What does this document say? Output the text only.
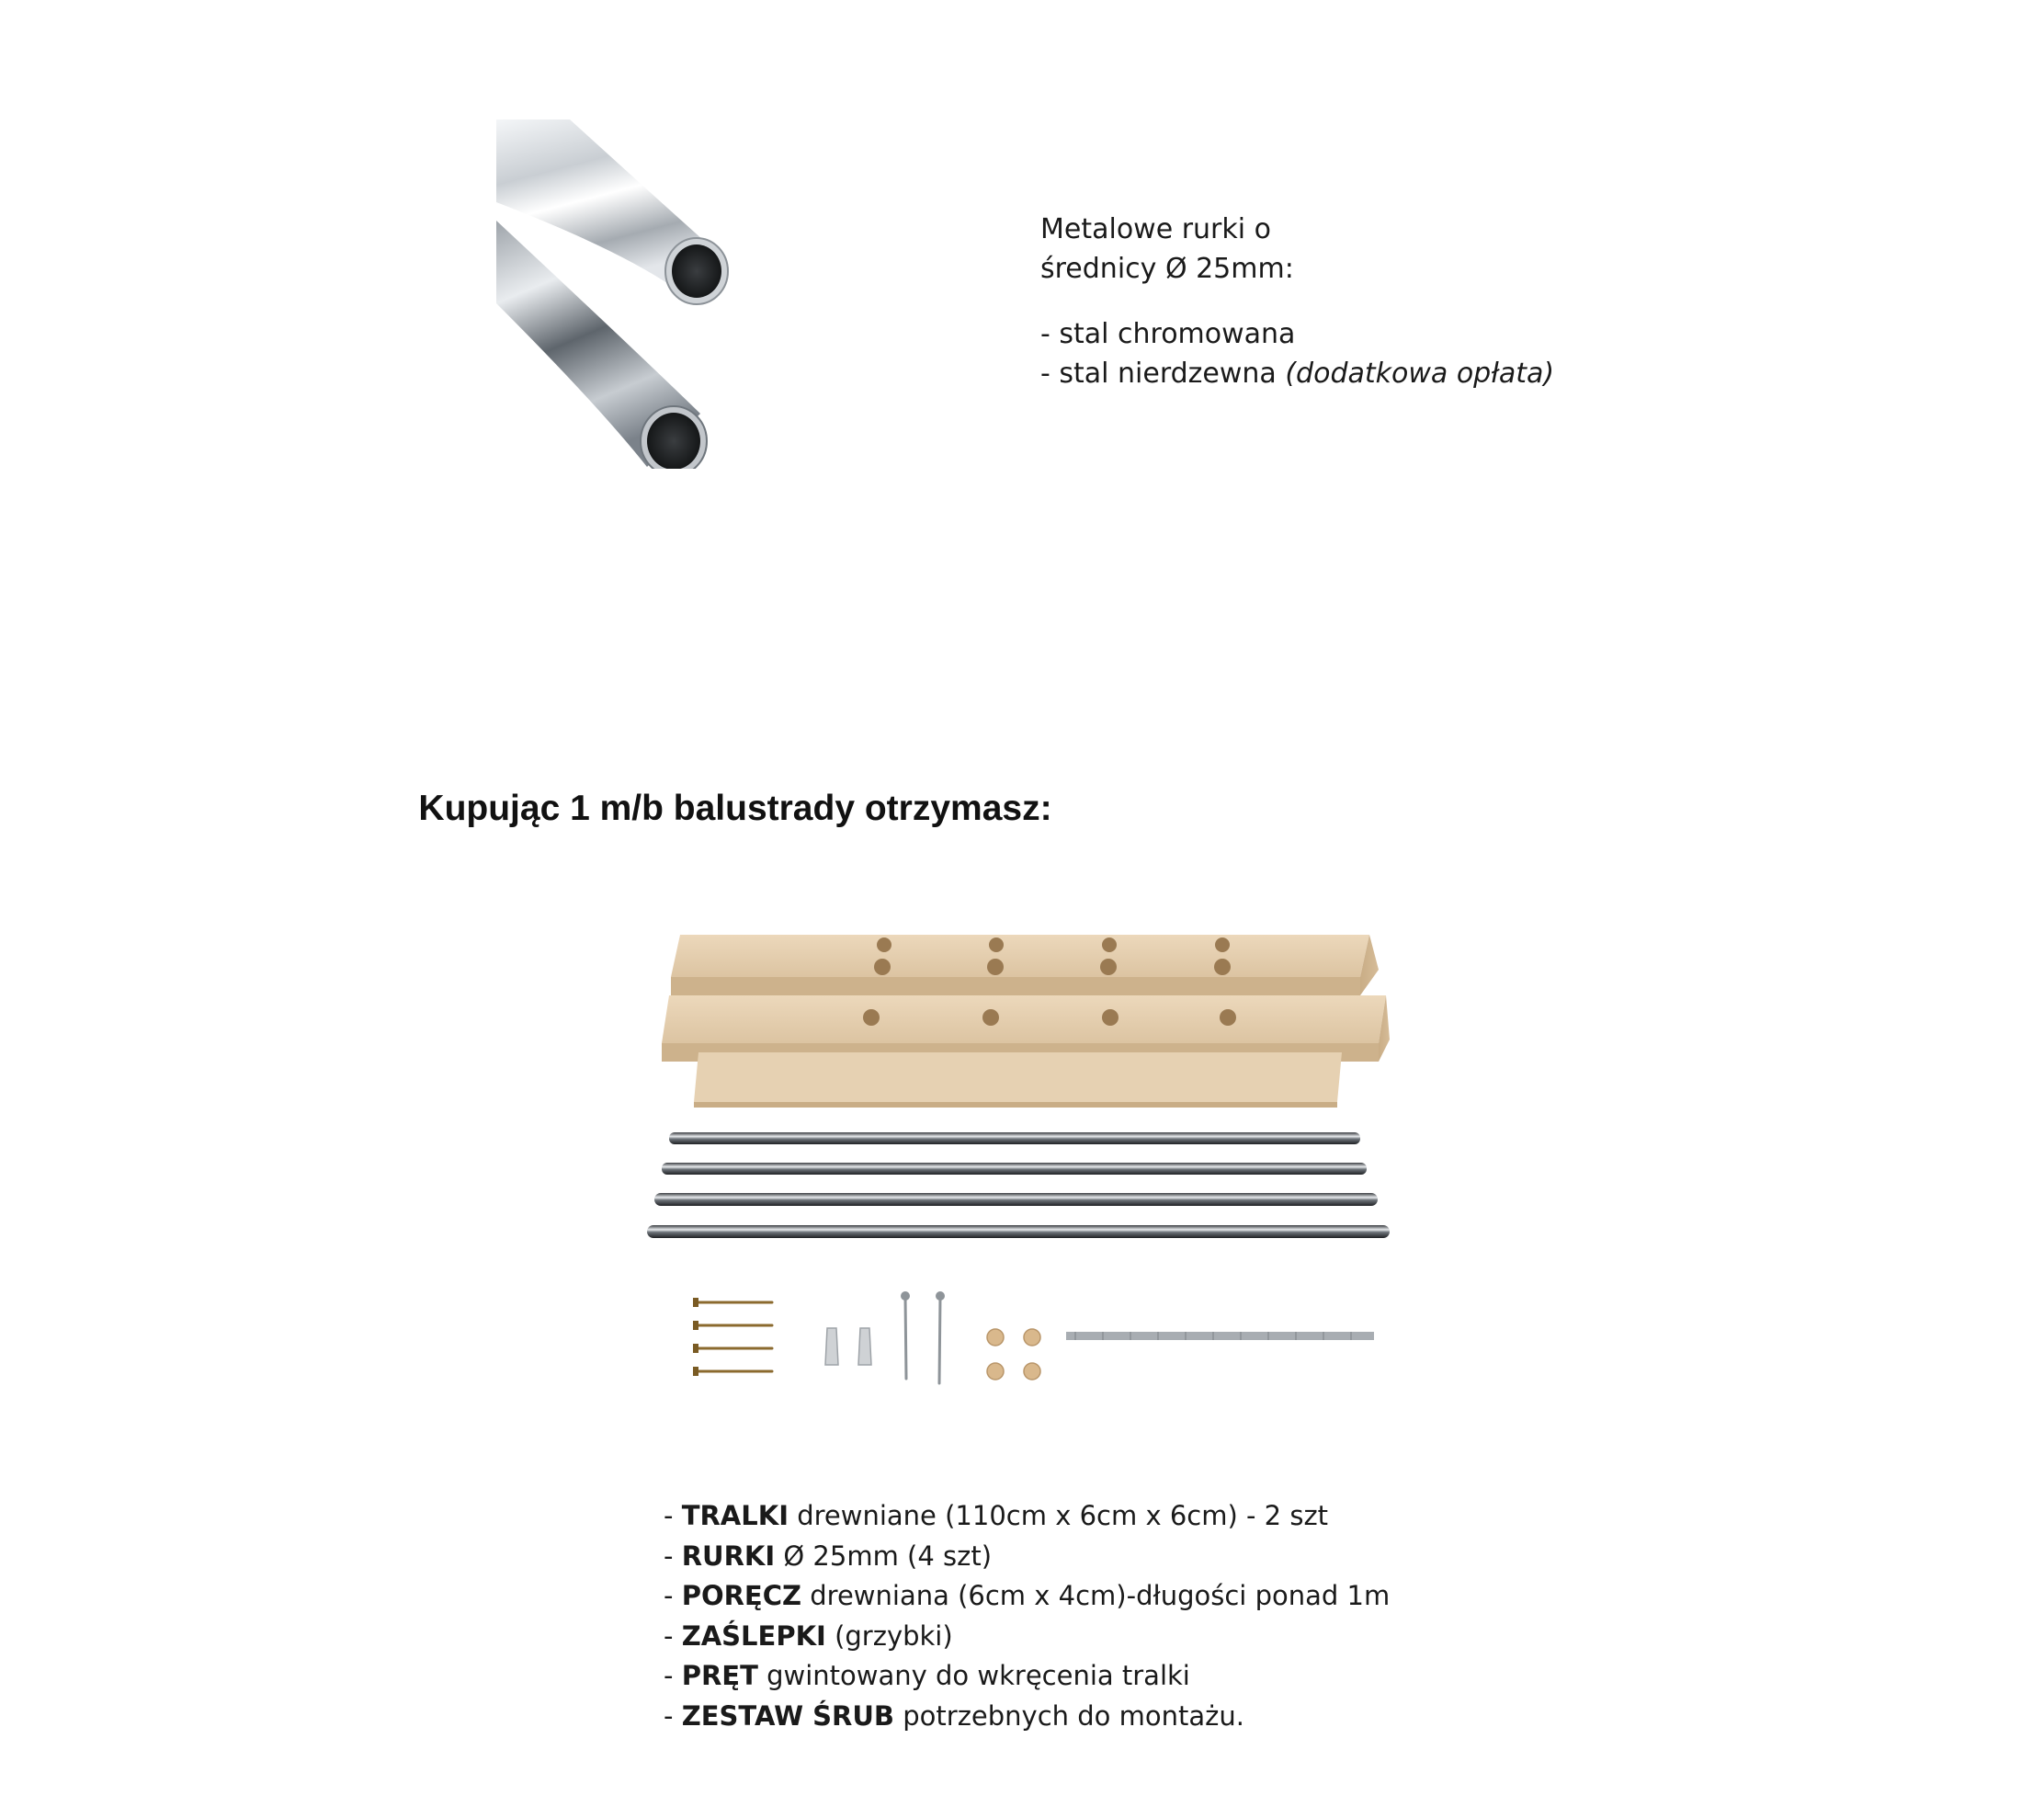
Metalowe rurki o

średnicy Ø 25mm:

- stal chromowana

- stal nierdzewna (dodatkowa opłata)

Kupując 1 m/b balustrady otrzymasz:
- TRALKI drewniane (110cm x 6cm x 6cm) - 2 szt
- RURKI Ø 25mm (4 szt)
- PORĘCZ drewniana (6cm x 4cm)-długości ponad 1m
- ZAŚLEPKI (grzybki)
- PRĘT gwintowany do wkręcenia tralki
- ZESTAW ŚRUB potrzebnych do montażu.
